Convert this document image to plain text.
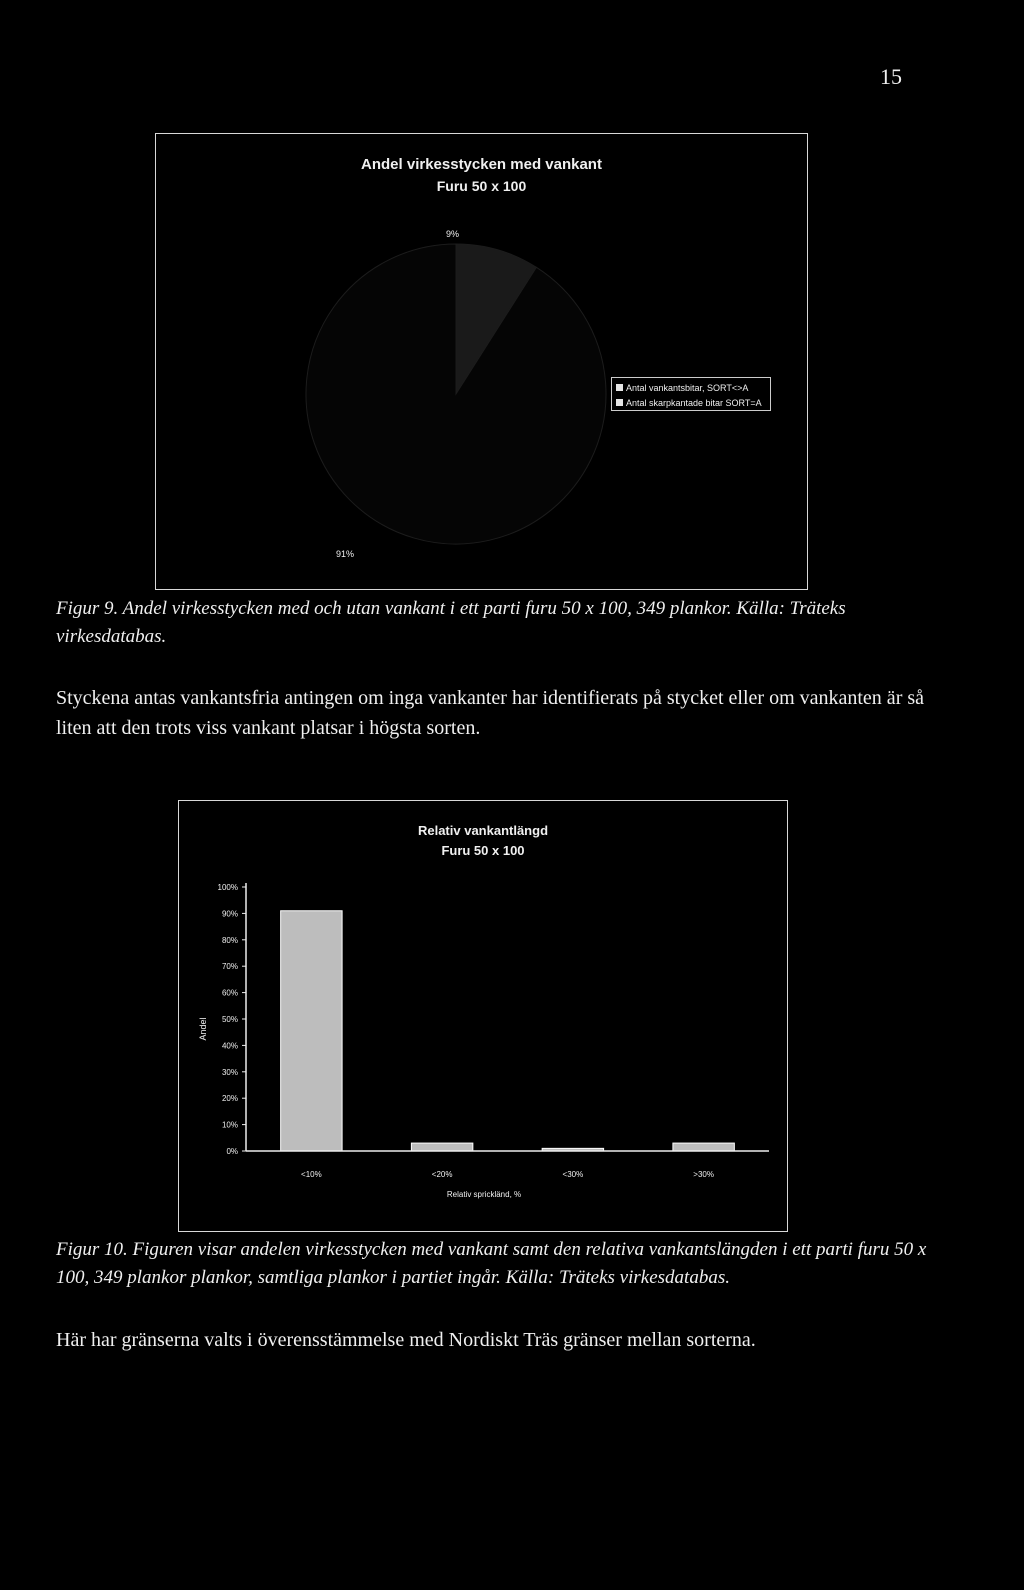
15
Andel virkesstycken med vankant
Furu 50 x 100
9%
91%
Antal vankantsbitar, SORT<>A
Antal skarpkantade bitar SORT=A
Figur 9. Andel virkesstycken med och utan vankant i ett parti furu 50 x 100, 349 plankor. Källa: Träteks virkesdatabas.
Styckena antas vankantsfria antingen om inga vankanter har identifierats på stycket eller om vankanten är så liten att den trots viss vankant platsar i högsta sorten.
Relativ vankantlängd
Furu 50 x 100
0%
10%
20%
30%
40%
50%
60%
70%
80%
90%
100%
<10%	<20%	<30%	>30%
Andel
Relativ sprickländ, %
Figur 10. Figuren visar andelen virkesstycken med vankant samt den relativa vankantslängden i ett parti furu 50 x 100, 349 plankor plankor, samtliga plankor i partiet ingår. Källa: Träteks virkesdatabas.
Här har gränserna valts i överensstämmelse med Nordiskt Träs gränser mellan sorterna.
